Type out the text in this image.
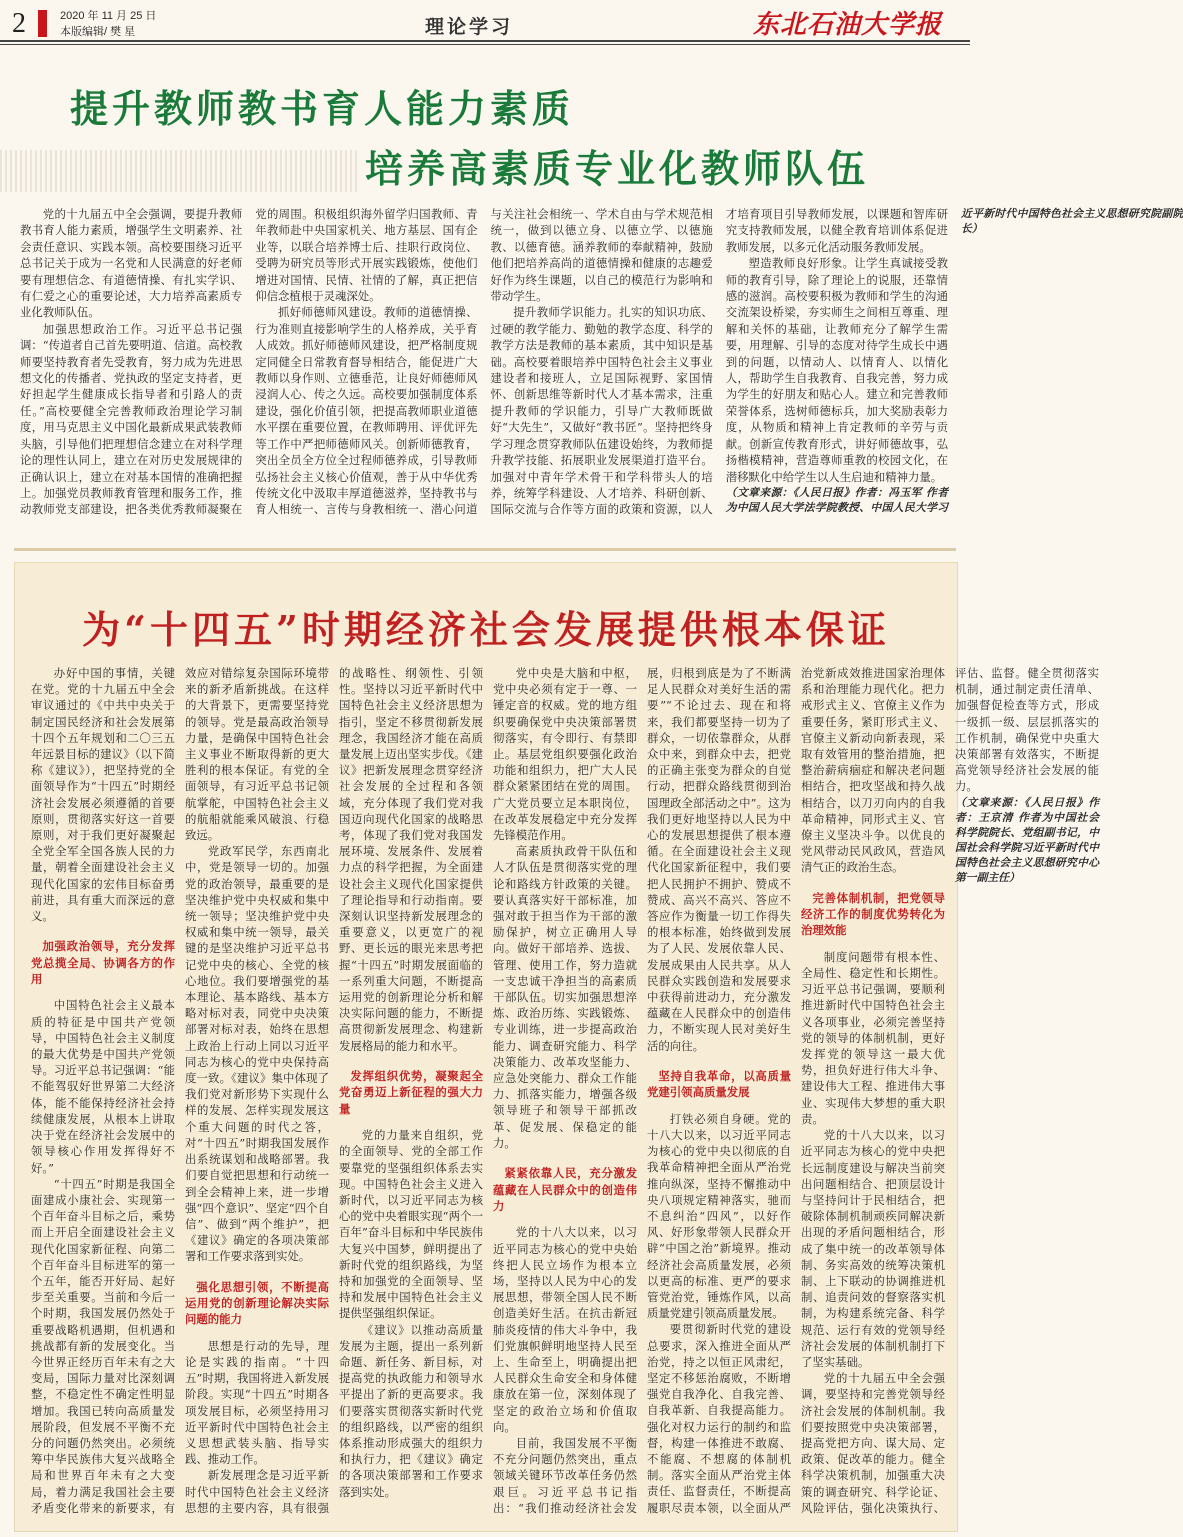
2	2020 年 11 月 25 日
本版编辑/ 樊 星	理论学习	东北石油大学报
提升教师教书育人能力素质
培养高素质专业化教师队伍

党的十九届五中全会强调，要提升教师教书育人能力素质，增强学生文明素养、社会责任意识、实践本领。高校要围绕习近平总书记关于成为一名党和人民满意的好老师要有理想信念、有道德情操、有扎实学识、有仁爱之心的重要论述，大力培养高素质专业化教师队伍。

加强思想政治工作。习近平总书记强调：“传道者自己首先要明道、信道。高校教师要坚持教育者先受教育，努力成为先进思想文化的传播者、党执政的坚定支持者，更好担起学生健康成长指导者和引路人的责任。”高校要健全完善教师政治理论学习制度，用马克思主义中国化最新成果武装教师头脑，引导他们把理想信念建立在对科学理论的理性认同上，建立在对历史发展规律的正确认识上，建立在对基本国情的准确把握上。加强党员教师教育管理和服务工作，推动教师党支部建设，把各类优秀教师凝聚在党的周围。积极组织海外留学归国教师、青年教师赴中央国家机关、地方基层、国有企业等，以联合培养博士后、挂职行政岗位、受聘为研究员等形式开展实践锻炼，使他们增进对国情、民情、社情的了解，真正把信仰信念植根于灵魂深处。

抓好师德师风建设。教师的道德情操、行为准则直接影响学生的人格养成，关乎育人成效。抓好师德师风建设，把严格制度规定同健全日常教育督导相结合，能促进广大教师以身作则、立德垂范，让良好师德师风浸润人心、传之久远。高校要加强制度体系建设，强化价值引领，把提高教师职业道德水平摆在重要位置，在教师聘用、评优评先等工作中严把师德师风关。创新师德教育，突出全员全方位全过程师德养成，引导教师弘扬社会主义核心价值观，善于从中华优秀传统文化中汲取丰厚道德滋养，坚持教书与育人相统一、言传与身教相统一、潜心问道与关注社会相统一、学术自由与学术规范相统一，做到以德立身、以德立学、以德施教、以德育德。涵养教师的奉献精神，鼓励他们把培养高尚的道德情操和健康的志趣爱好作为终生课题，以自己的模范行为影响和带动学生。

提升教师学识能力。扎实的知识功底、过硬的教学能力、勤勉的教学态度、科学的教学方法是教师的基本素质，其中知识是基础。高校要着眼培养中国特色社会主义事业建设者和接班人，立足国际视野、家国情怀、创新思维等新时代人才基本需求，注重提升教师的学识能力，引导广大教师既做好“大先生”，又做好“教书匠”。坚持把终身学习理念贯穿教师队伍建设始终，为教师提升教学技能、拓展职业发展渠道打造平台。加强对中青年学术骨干和学科带头人的培养，统筹学科建设、人才培养、科研创新、国际交流与合作等方面的政策和资源，以人才培育项目引导教师发展，以课题和智库研究支持教师发展，以健全教育培训体系促进教师发展，以多元化活动服务教师发展。

塑造教师良好形象。让学生真诚接受教师的教育引导，除了理论上的说服，还靠情感的滋润。高校要积极为教师和学生的沟通交流架设桥梁，夯实师生之间相互尊重、理解和关怀的基础，让教师充分了解学生需要，用理解、引导的态度对待学生成长中遇到的问题，以情动人、以情育人、以情化人，帮助学生自我教育、自我完善，努力成为学生的好朋友和贴心人。建立和完善教师荣誉体系，选树师德标兵，加大奖励表彰力度，从物质和精神上肯定教师的辛劳与贡献。创新宣传教育形式，讲好师德故事，弘扬楷模精神，营造尊师重教的校园文化，在潜移默化中给学生以人生启迪和精神力量。

（文章来源：《人民日报》作者：冯玉军 作者为中国人民大学法学院教授、中国人民大学习近平新时代中国特色社会主义思想研究院副院长）
为“十四五”时期经济社会发展提供根本保证

办好中国的事情，关键在党。党的十九届五中全会审议通过的《中共中央关于制定国民经济和社会发展第十四个五年规划和二〇三五年远景目标的建议》（以下简称《建议》），把坚持党的全面领导作为“十四五”时期经济社会发展必须遵循的首要原则，贯彻落实好这一首要原则，对于我们更好凝聚起全党全军全国各族人民的力量，朝着全面建设社会主义现代化国家的宏伟目标奋勇前进，具有重大而深远的意义。

加强政治领导，充分发挥党总揽全局、协调各方的作用

中国特色社会主义最本质的特征是中国共产党领导，中国特色社会主义制度的最大优势是中国共产党领导。习近平总书记强调：“能不能驾驭好世界第二大经济体，能不能保持经济社会持续健康发展，从根本上讲取决于党在经济社会发展中的领导核心作用发挥得好不好。”

“十四五”时期是我国全面建成小康社会、实现第一个百年奋斗目标之后，乘势而上开启全面建设社会主义现代化国家新征程、向第二个百年奋斗目标进军的第一个五年，能否开好局、起好步至关重要。当前和今后一个时期，我国发展仍然处于重要战略机遇期，但机遇和挑战都有新的发展变化。当今世界正经历百年未有之大变局，国际力量对比深刻调整，不稳定性不确定性明显增加。我国已转向高质量发展阶段，但发展不平衡不充分的问题仍然突出。必须统筹中华民族伟大复兴战略全局和世界百年未有之大变局，着力满足我国社会主要矛盾变化带来的新要求，有效应对错综复杂国际环境带来的新矛盾新挑战。在这样的大背景下，更需要坚持党的领导。党是最高政治领导力量，是确保中国特色社会主义事业不断取得新的更大胜利的根本保证。有党的全面领导，有习近平总书记领航掌舵，中国特色社会主义的航船就能乘风破浪、行稳致远。

党政军民学，东西南北中，党是领导一切的。加强党的政治领导，最重要的是坚决维护党中央权威和集中统一领导；坚决维护党中央权威和集中统一领导，最关键的是坚决维护习近平总书记党中央的核心、全党的核心地位。我们要增强党的基本理论、基本路线、基本方略对标对表，同党中央决策部署对标对表，始终在思想上政治上行动上同以习近平同志为核心的党中央保持高度一致。《建议》集中体现了我们党对新形势下实现什么样的发展、怎样实现发展这个重大问题的时代之答，对“十四五”时期我国发展作出系统谋划和战略部署。我们要自觉把思想和行动统一到全会精神上来，进一步增强“四个意识”、坚定“四个自信”、做到“两个维护”，把《建议》确定的各项决策部署和工作要求落到实处。

强化思想引领，不断提高运用党的创新理论解决实际问题的能力

思想是行动的先导，理论是实践的指南。“十四五”时期，我国将进入新发展阶段。实现“十四五”时期各项发展目标，必须坚持用习近平新时代中国特色社会主义思想武装头脑、指导实践、推动工作。

新发展理念是习近平新时代中国特色社会主义经济思想的主要内容，具有很强的战略性、纲领性、引领性。坚持以习近平新时代中国特色社会主义经济思想为指引，坚定不移贯彻新发展理念，我国经济才能在高质量发展上迈出坚实步伐。《建议》把新发展理念贯穿经济社会发展的全过程和各领域，充分体现了我们党对我国迈向现代化国家的战略思考，体现了我们党对我国发展环境、发展条件、发展着力点的科学把握，为全面建设社会主义现代化国家提供了理论指导和行动指南。要深刻认识坚持新发展理念的重要意义，以更宽广的视野、更长远的眼光来思考把握“十四五”时期发展面临的一系列重大问题，不断提高运用党的创新理论分析和解决实际问题的能力，不断提高贯彻新发展理念、构建新发展格局的能力和水平。

发挥组织优势，凝聚起全党奋勇迈上新征程的强大力量

党的力量来自组织，党的全面领导、党的全部工作要靠党的坚强组织体系去实现。中国特色社会主义进入新时代，以习近平同志为核心的党中央着眼实现“两个一百年”奋斗目标和中华民族伟大复兴中国梦，鲜明提出了新时代党的组织路线，为坚持和加强党的全面领导、坚持和发展中国特色社会主义提供坚强组织保证。

《建议》以推动高质量发展为主题，提出一系列新命题、新任务、新目标，对提高党的执政能力和领导水平提出了新的更高要求。我们要落实贯彻落实新时代党的组织路线，以严密的组织体系推动形成强大的组织力和执行力，把《建议》确定的各项决策部署和工作要求落到实处。

党中央是大脑和中枢，党中央必须有定于一尊、一锤定音的权威。党的地方组织要确保党中央决策部署贯彻落实，有令即行、有禁即止。基层党组织要强化政治功能和组织力，把广大人民群众紧紧团结在党的周围。广大党员要立足本职岗位，在改革发展稳定中充分发挥先锋模范作用。

高素质执政骨干队伍和人才队伍是贯彻落实党的理论和路线方针政策的关键。要认真落实好干部标准，加强对敢于担当作为干部的激励保护，树立正确用人导向。做好干部培养、选拔、管理、使用工作，努力造就一支忠诚干净担当的高素质干部队伍。切实加强思想淬炼、政治历练、实践锻炼、专业训练，进一步提高政治能力、调查研究能力、科学决策能力、改革攻坚能力、应急处突能力、群众工作能力、抓落实能力，增强各级领导班子和领导干部抓改革、促发展、保稳定的能力。

紧紧依靠人民，充分激发蕴藏在人民群众中的创造伟力

党的十八大以来，以习近平同志为核心的党中央始终把人民立场作为根本立场，坚持以人民为中心的发展思想，带领全国人民不断创造美好生活。在抗击新冠肺炎疫情的伟大斗争中，我们党旗帜鲜明地坚持人民至上、生命至上，明确提出把人民群众生命安全和身体健康放在第一位，深刻体现了坚定的政治立场和价值取向。

目前，我国发展不平衡不充分问题仍然突出，重点领域关键环节改革任务仍然艰巨。习近平总书记指出：“我们推动经济社会发展，归根到底是为了不断满足人民群众对美好生活的需要”“不论过去、现在和将来，我们都要坚持一切为了群众，一切依靠群众，从群众中来，到群众中去，把党的正确主张变为群众的自觉行动，把群众路线贯彻到治国理政全部活动之中”。这为我们更好地坚持以人民为中心的发展思想提供了根本遵循。在全面建设社会主义现代化国家新征程中，我们要把人民拥护不拥护、赞成不赞成、高兴不高兴、答应不答应作为衡量一切工作得失的根本标准，始终做到发展为了人民、发展依靠人民、发展成果由人民共享。从人民群众实践创造和发展要求中获得前进动力，充分激发蕴藏在人民群众中的创造伟力，不断实现人民对美好生活的向往。

坚持自我革命，以高质量党建引领高质量发展

打铁必须自身硬。党的十八大以来，以习近平同志为核心的党中央以彻底的自我革命精神把全面从严治党推向纵深，坚持不懈推动中央八项规定精神落实，驰而不息纠治“四风”，以好作风、好形象带领人民群众开辟“中国之治”新境界。推动经济社会高质量发展，必须以更高的标准、更严的要求管党治党，锤炼作风，以高质量党建引领高质量发展。

要贯彻新时代党的建设总要求，深入推进全面从严治党，持之以恒正风肃纪，坚定不移惩治腐败，不断增强党自我净化、自我完善、自我革新、自我提高能力。强化对权力运行的制约和监督，构建一体推进不敢腐、不能腐、不想腐的体制机制。落实全面从严治党主体责任、监督责任，不断提高履职尽责本领，以全面从严治党新成效推进国家治理体系和治理能力现代化。把力戒形式主义、官僚主义作为重要任务，紧盯形式主义、官僚主义新动向新表现，采取有效管用的整治措施，把整治薪病痼症和解决老问题相结合，把攻坚战和持久战相结合，以刀刃向内的自我革命精神，同形式主义、官僚主义坚决斗争。以优良的党风带动民风政风，营造风清气正的政治生态。

完善体制机制，把党领导经济工作的制度优势转化为治理效能

制度问题带有根本性、全局性、稳定性和长期性。习近平总书记强调，要顺利推进新时代中国特色社会主义各项事业，必须完善坚持党的领导的体制机制，更好发挥党的领导这一最大优势，担负好进行伟大斗争、建设伟大工程、推进伟大事业、实现伟大梦想的重大职责。

党的十八大以来，以习近平同志为核心的党中央把长远制度建设与解决当前突出问题相结合、把顶层设计与坚持问计于民相结合，把破除体制机制顽疾同解决新出现的矛盾问题相结合，形成了集中统一的改革领导体制、务实高效的统筹决策机制、上下联动的协调推进机制、追责问效的督察落实机制，为构建系统完备、科学规范、运行有效的党领导经济社会发展的体制机制打下了坚实基础。

党的十九届五中全会强调，要坚持和完善党领导经济社会发展的体制机制。我们要按照党中央决策部署，提高党把方向、谋大局、定政策、促改革的能力。健全科学决策机制，加强重大决策的调查研究、科学论证、风险评估，强化决策执行、评估、监督。健全贯彻落实机制，通过制定责任清单、加强督促检查等方式，形成一级抓一级、层层抓落实的工作机制，确保党中央重大决策部署有效落实，不断提高党领导经济社会发展的能力。

（文章来源：《人民日报》作者：王京清 作者为中国社会科学院院长、党组副书记，中国社会科学院习近平新时代中国特色社会主义思想研究中心第一副主任）
